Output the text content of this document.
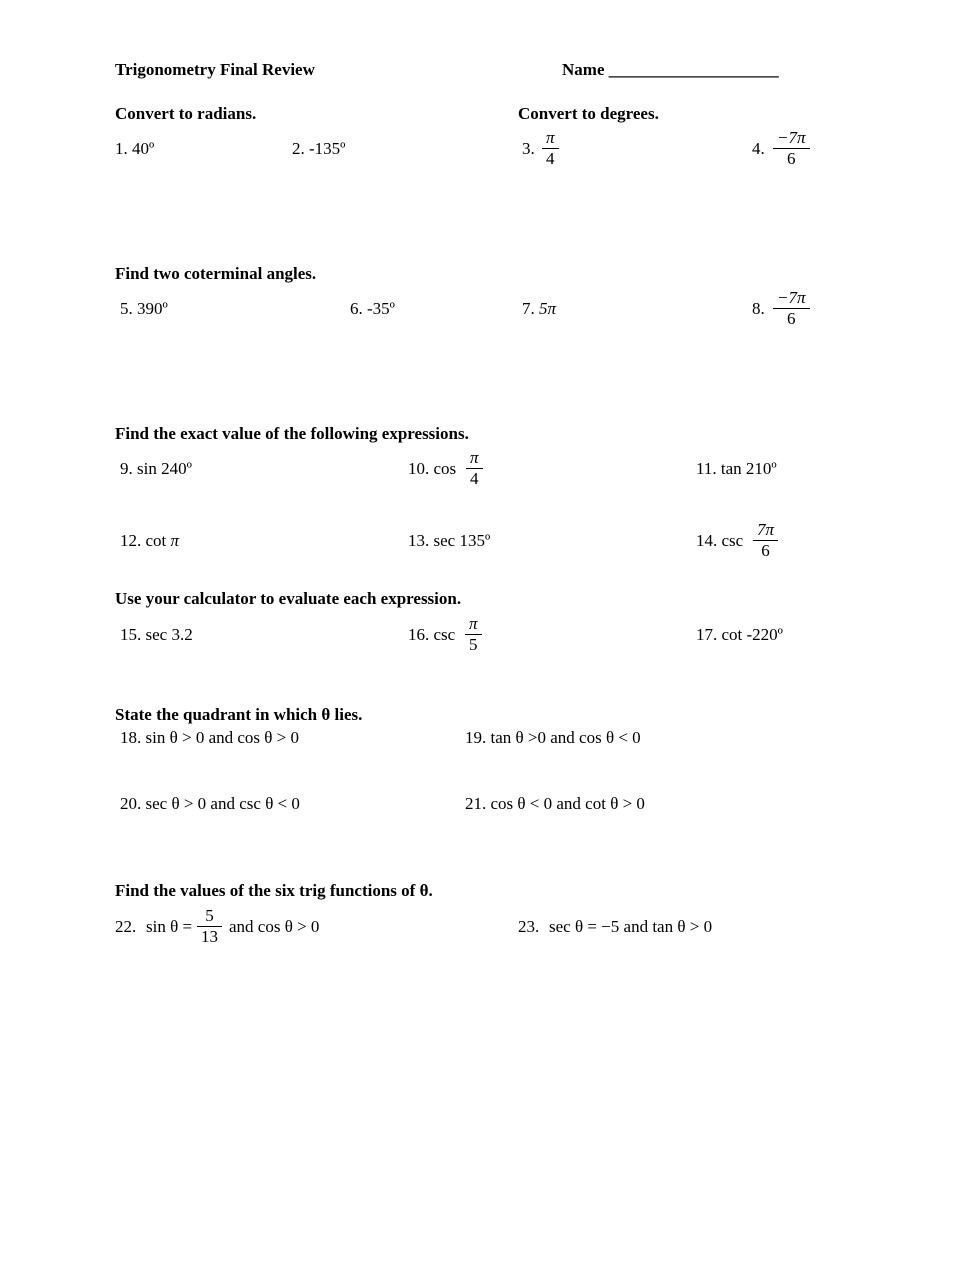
Trigonometry Final Review	Name ____________________
Convert to radians.	Convert to degrees.
1. 40º	2. -135º	3. $\frac{\pi}{4}$	4. $\frac{-7\pi}{6}$
Find two coterminal angles.
5. 390º	6. -35º	7. 5π	8. $\frac{-7\pi}{6}$
Find the exact value of the following expressions.
9. sin 240º	10. $\cos \frac{\pi}{4}$	11. tan 210º
12. cot π	13. sec 135º	14. $\csc \frac{7\pi}{6}$
Use your calculator to evaluate each expression.
15. sec 3.2	16. $\csc \frac{\pi}{5}$	17. cot -220º
State the quadrant in which θ lies.
18. sin θ > 0 and cos θ > 0	19. tan θ >0 and cos θ < 0
20. sec θ > 0 and csc θ < 0	21. cos θ < 0 and cot θ > 0
Find the values of the six trig functions of θ.
22. $\sin \theta = \frac{5}{13}$ and cos θ > 0	23. sec θ = −5 and tan θ > 0
